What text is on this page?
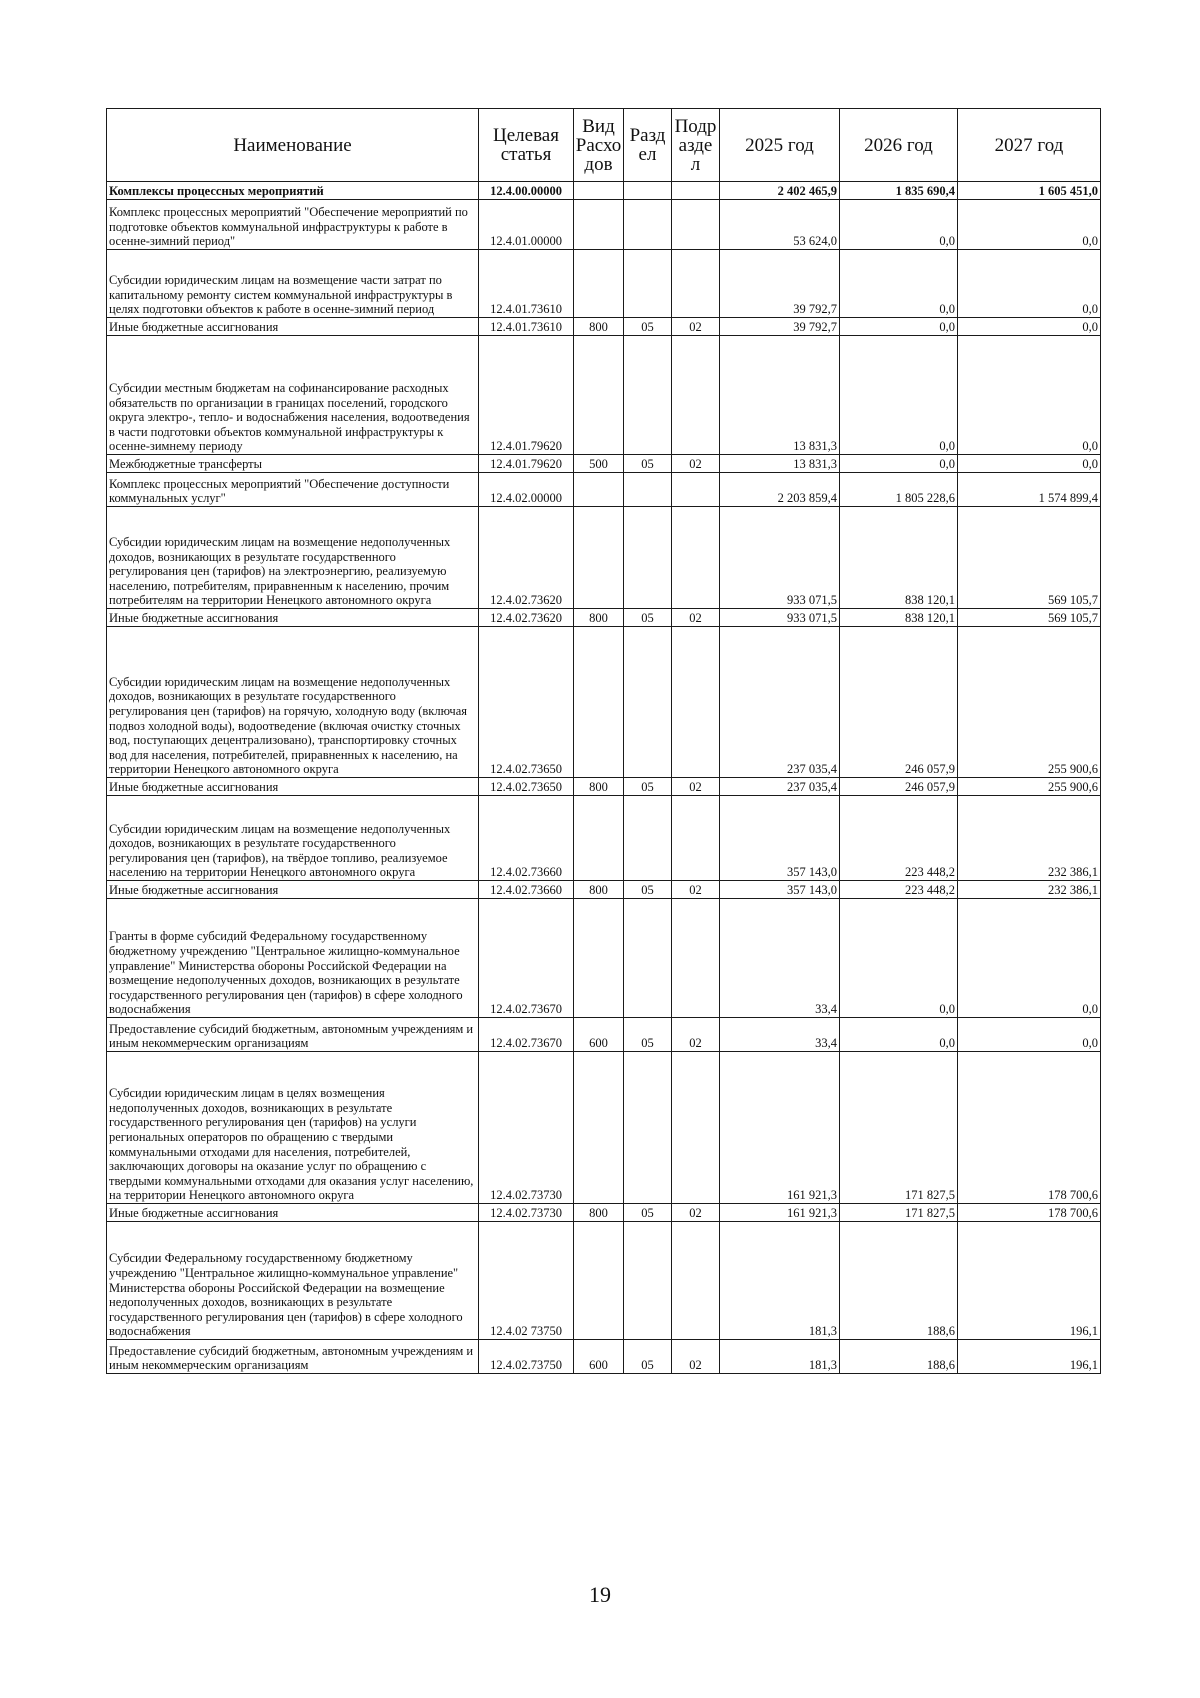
Наименование	Целевая статья	Вид Расходов	Раздел	Подраздел	2025 год	2026 год	2027 год
Комплексы процессных мероприятий	12.4.00.00000				2 402 465,9	1 835 690,4	1 605 451,0
Комплекс процессных мероприятий "Обеспечение мероприятий по подготовке объектов коммунальной инфраструктуры к работе в осенне-зимний период"	12.4.01.00000				53 624,0	0,0	0,0
Субсидии юридическим лицам на возмещение части затрат по капитальному ремонту систем коммунальной инфраструктуры в целях подготовки объектов к работе в осенне-зимний период	12.4.01.73610				39 792,7	0,0	0,0
Иные бюджетные ассигнования	12.4.01.73610	800	05	02	39 792,7	0,0	0,0
Субсидии местным бюджетам на софинансирование расходных обязательств по организации в границах поселений, городского округа электро-, тепло- и водоснабжения населения, водоотведения в части подготовки объектов коммунальной инфраструктуры к осенне-зимнему периоду	12.4.01.79620				13 831,3	0,0	0,0
Межбюджетные трансферты	12.4.01.79620	500	05	02	13 831,3	0,0	0,0
Комплекс процессных мероприятий "Обеспечение доступности коммунальных услуг"	12.4.02.00000				2 203 859,4	1 805 228,6	1 574 899,4
Субсидии юридическим лицам на возмещение недополученных доходов, возникающих в результате государственного регулирования цен (тарифов) на электроэнергию, реализуемую населению, потребителям, приравненным к населению, прочим потребителям на территории Ненецкого автономного округа	12.4.02.73620				933 071,5	838 120,1	569 105,7
Иные бюджетные ассигнования	12.4.02.73620	800	05	02	933 071,5	838 120,1	569 105,7
Субсидии юридическим лицам на возмещение недополученных доходов, возникающих в результате государственного регулирования цен (тарифов) на горячую, холодную воду (включая подвоз холодной воды), водоотведение (включая очистку сточных вод, поступающих децентрализовано), транспортировку сточных вод для населения, потребителей, приравненных к населению, на территории Ненецкого автономного округа	12.4.02.73650				237 035,4	246 057,9	255 900,6
Иные бюджетные ассигнования	12.4.02.73650	800	05	02	237 035,4	246 057,9	255 900,6
Субсидии юридическим лицам на возмещение недополученных доходов, возникающих в результате государственного регулирования цен (тарифов), на твёрдое топливо, реализуемое населению на территории Ненецкого автономного округа	12.4.02.73660				357 143,0	223 448,2	232 386,1
Иные бюджетные ассигнования	12.4.02.73660	800	05	02	357 143,0	223 448,2	232 386,1
Гранты в форме субсидий Федеральному государственному бюджетному учреждению "Центральное жилищно-коммунальное управление" Министерства обороны Российской Федерации на возмещение недополученных доходов, возникающих в результате государственного регулирования цен (тарифов) в сфере холодного водоснабжения	12.4.02.73670				33,4	0,0	0,0
Предоставление субсидий бюджетным, автономным учреждениям и иным некоммерческим организациям	12.4.02.73670	600	05	02	33,4	0,0	0,0
Субсидии юридическим лицам в целях возмещения недополученных доходов, возникающих в результате государственного регулирования цен (тарифов) на услуги региональных операторов по обращению с твердыми коммунальными отходами для населения, потребителей, заключающих договоры на оказание услуг по обращению с твердыми коммунальными отходами для оказания услуг населению, на территории Ненецкого автономного округа	12.4.02.73730				161 921,3	171 827,5	178 700,6
Иные бюджетные ассигнования	12.4.02.73730	800	05	02	161 921,3	171 827,5	178 700,6
Субсидии Федеральному государственному бюджетному учреждению "Центральное жилищно-коммунальное управление" Министерства обороны Российской Федерации на возмещение недополученных доходов, возникающих в результате государственного регулирования цен (тарифов) в сфере холодного водоснабжения	12.4.02 73750				181,3	188,6	196,1
Предоставление субсидий бюджетным, автономным учреждениям и иным некоммерческим организациям	12.4.02.73750	600	05	02	181,3	188,6	196,1
19
